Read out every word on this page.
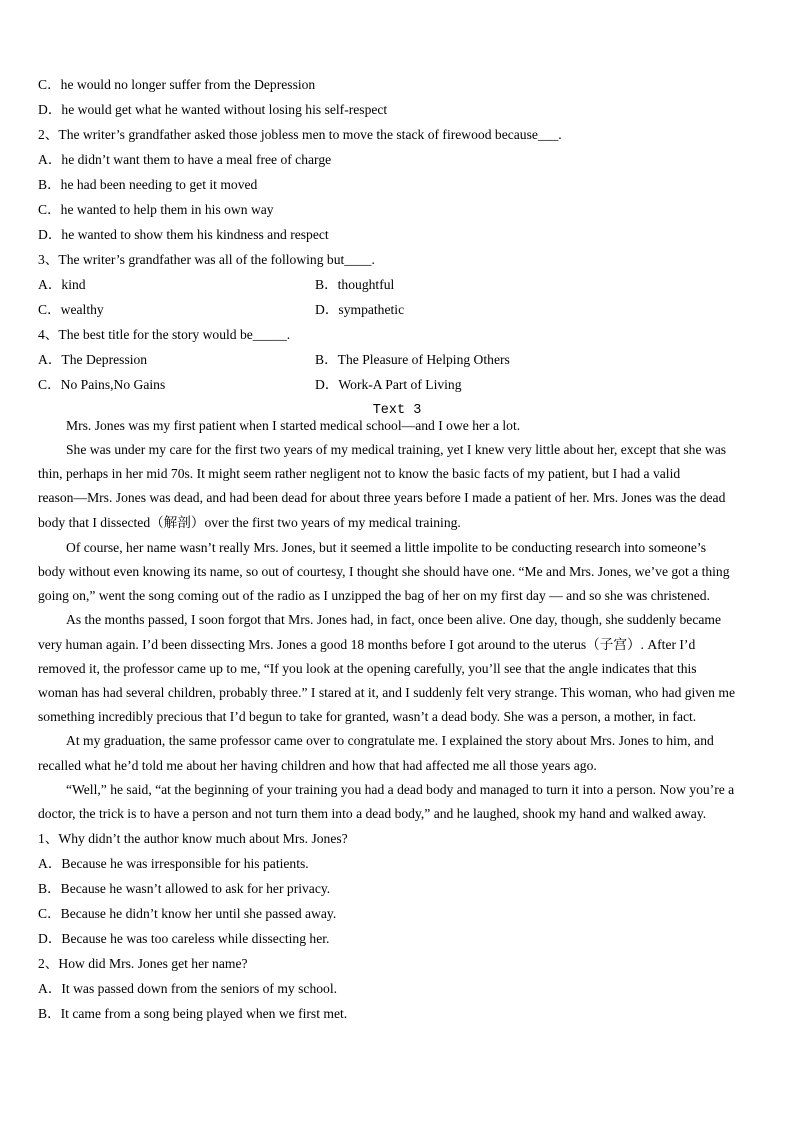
C．he would no longer suffer from the Depression
D．he would get what he wanted without losing his self-respect
2、The writer’s grandfather asked those jobless men to move the stack of firewood because___.
A．he didn’t want them to have a meal free of charge
B．he had been needing to get it moved
C．he wanted to help them in his own way
D．he wanted to show them his kindness and respect
3、The writer’s grandfather was all of the following but____.
A．kind	B．thoughtful
C．wealthy	D．sympathetic
4、The best title for the story would be_____.
A．The Depression	B．The Pleasure of Helping Others
C．No Pains,No Gains	D．Work-A Part of Living
Text 3
Mrs. Jones was my first patient when I started medical school—and I owe her a lot.
She was under my care for the first two years of my medical training, yet I knew very little about her, except that she was
thin, perhaps in her mid 70s. It might seem rather negligent not to know the basic facts of my patient, but I had a valid
reason—Mrs. Jones was dead, and had been dead for about three years before I made a patient of her. Mrs. Jones was the dead
body that I dissected（解剖）over the first two years of my medical training.
Of course, her name wasn’t really Mrs. Jones, but it seemed a little impolite to be conducting research into someone’s
body without even knowing its name, so out of courtesy, I thought she should have one. “Me and Mrs. Jones, we’ve got a thing
going on,” went the song coming out of the radio as I unzipped the bag of her on my first day — and so she was christened.
As the months passed, I soon forgot that Mrs. Jones had, in fact, once been alive. One day, though, she suddenly became
very human again. I’d been dissecting Mrs. Jones a good 18 months before I got around to the uterus（子宫）. After I’d
removed it, the professor came up to me, “If you look at the opening carefully, you’ll see that the angle indicates that this
woman has had several children, probably three.” I stared at it, and I suddenly felt very strange. This woman, who had given me
something incredibly precious that I’d begun to take for granted, wasn’t a dead body. She was a person, a mother, in fact.
At my graduation, the same professor came over to congratulate me. I explained the story about Mrs. Jones to him, and
recalled what he’d told me about her having children and how that had affected me all those years ago.
“Well,” he said, “at the beginning of your training you had a dead body and managed to turn it into a person. Now you’re a
doctor, the trick is to have a person and not turn them into a dead body,” and he laughed, shook my hand and walked away.
1、Why didn’t the author know much about Mrs. Jones?
A．Because he was irresponsible for his patients.
B．Because he wasn’t allowed to ask for her privacy.
C．Because he didn’t know her until she passed away.
D．Because he was too careless while dissecting her.
2、How did Mrs. Jones get her name?
A．It was passed down from the seniors of my school.
B．It came from a song being played when we first met.
